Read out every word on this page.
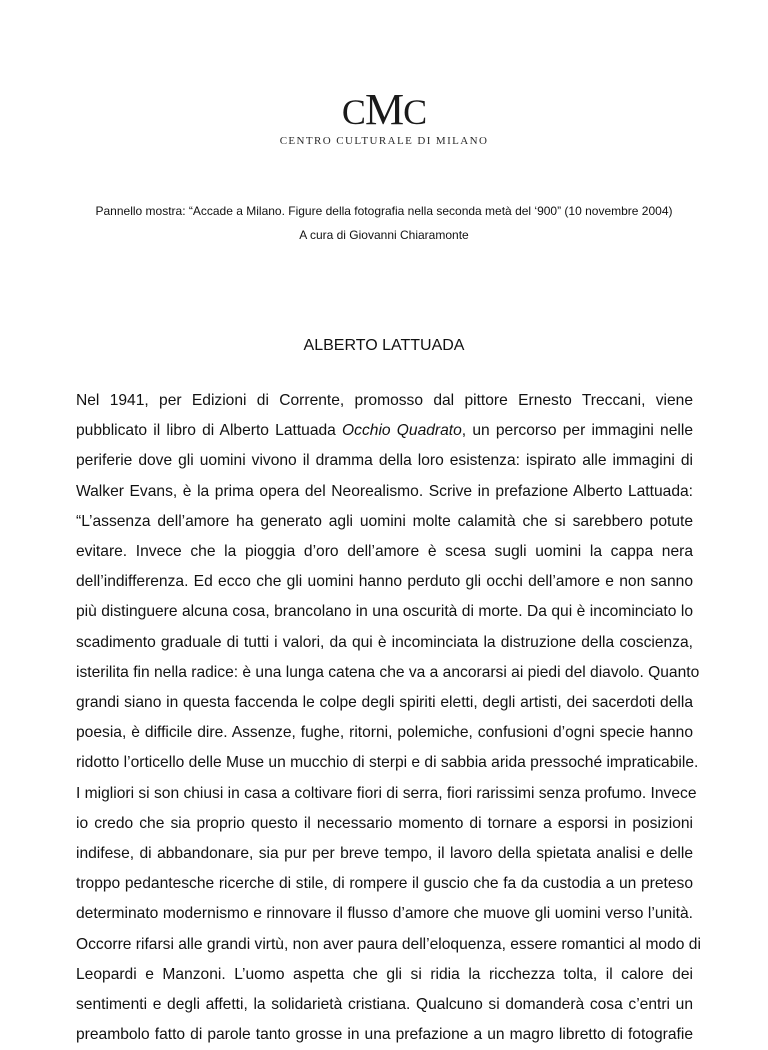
CMC
CENTRO CULTURALE DI MILANO
Pannello mostra: “Accade a Milano. Figure della fotografia nella seconda metà del ‘900” (10 novembre 2004)
A cura di Giovanni Chiaramonte
ALBERTO LATTUADA
Nel 1941, per Edizioni di Corrente, promosso dal pittore Ernesto Treccani, viene
pubblicato il libro di Alberto Lattuada Occhio Quadrato, un percorso per immagini nelle
periferie dove gli uomini vivono il dramma della loro esistenza: ispirato alle immagini di
Walker Evans, è la prima opera del Neorealismo. Scrive in prefazione Alberto Lattuada:
“L’assenza dell’amore ha generato agli uomini molte calamità che si sarebbero potute
evitare. Invece che la pioggia d’oro dell’amore è scesa sugli uomini la cappa nera
dell’indifferenza. Ed ecco che gli uomini hanno perduto gli occhi dell’amore e non sanno
più distinguere alcuna cosa, brancolano in una oscurità di morte. Da qui è incominciato lo
scadimento graduale di tutti i valori, da qui è incominciata la distruzione della coscienza,
isterilita fin nella radice: è una lunga catena che va a ancorarsi ai piedi del diavolo. Quanto
grandi siano in questa faccenda le colpe degli spiriti eletti, degli artisti, dei sacerdoti della
poesia, è difficile dire. Assenze, fughe, ritorni, polemiche, confusioni d’ogni specie hanno
ridotto l’orticello delle Muse un mucchio di sterpi e di sabbia arida pressoché impraticabile.
I migliori si son chiusi in casa a coltivare fiori di serra, fiori rarissimi senza profumo. Invece
io credo che sia proprio questo il necessario momento di tornare a esporsi in posizioni
indifese, di abbandonare, sia pur per breve tempo, il lavoro della spietata analisi e delle
troppo pedantesche ricerche di stile, di rompere il guscio che fa da custodia a un preteso
determinato modernismo e rinnovare il flusso d’amore che muove gli uomini verso l’unità.
Occorre rifarsi alle grandi virtù, non aver paura dell’eloquenza, essere romantici al modo di
Leopardi e Manzoni. L’uomo aspetta che gli si ridia la ricchezza tolta, il calore dei
sentimenti e degli affetti, la solidarietà cristiana. Qualcuno si domanderà cosa c’entri un
preambolo fatto di parole tanto grosse in una prefazione a un magro libretto di fotografie
